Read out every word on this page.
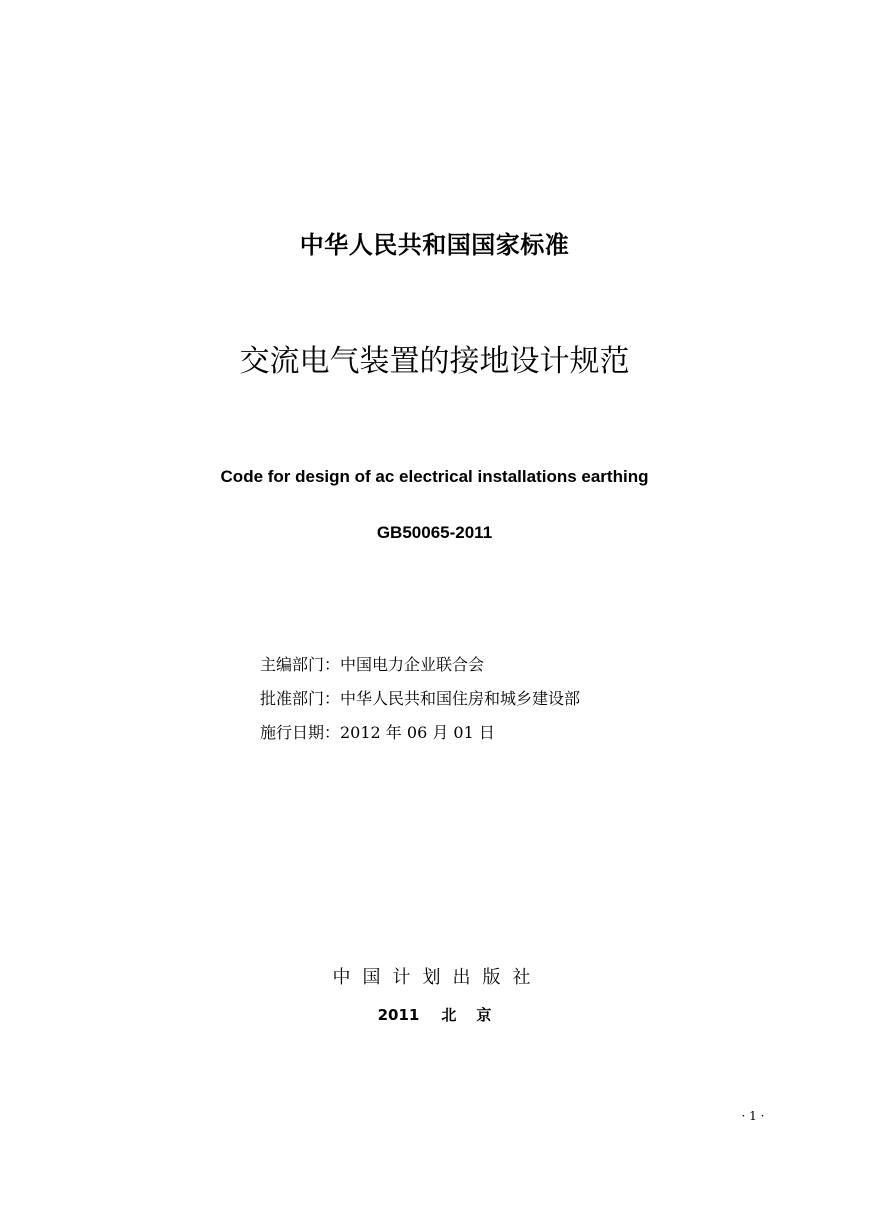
中华人民共和国国家标准
交流电气装置的接地设计规范
Code for design of ac electrical installations earthing
GB50065-2011
主编部门：中国电力企业联合会
批准部门：中华人民共和国住房和城乡建设部
施行日期：2012 年 06 月 01 日
中国计划出版社
2011 北京
· 1 ·
